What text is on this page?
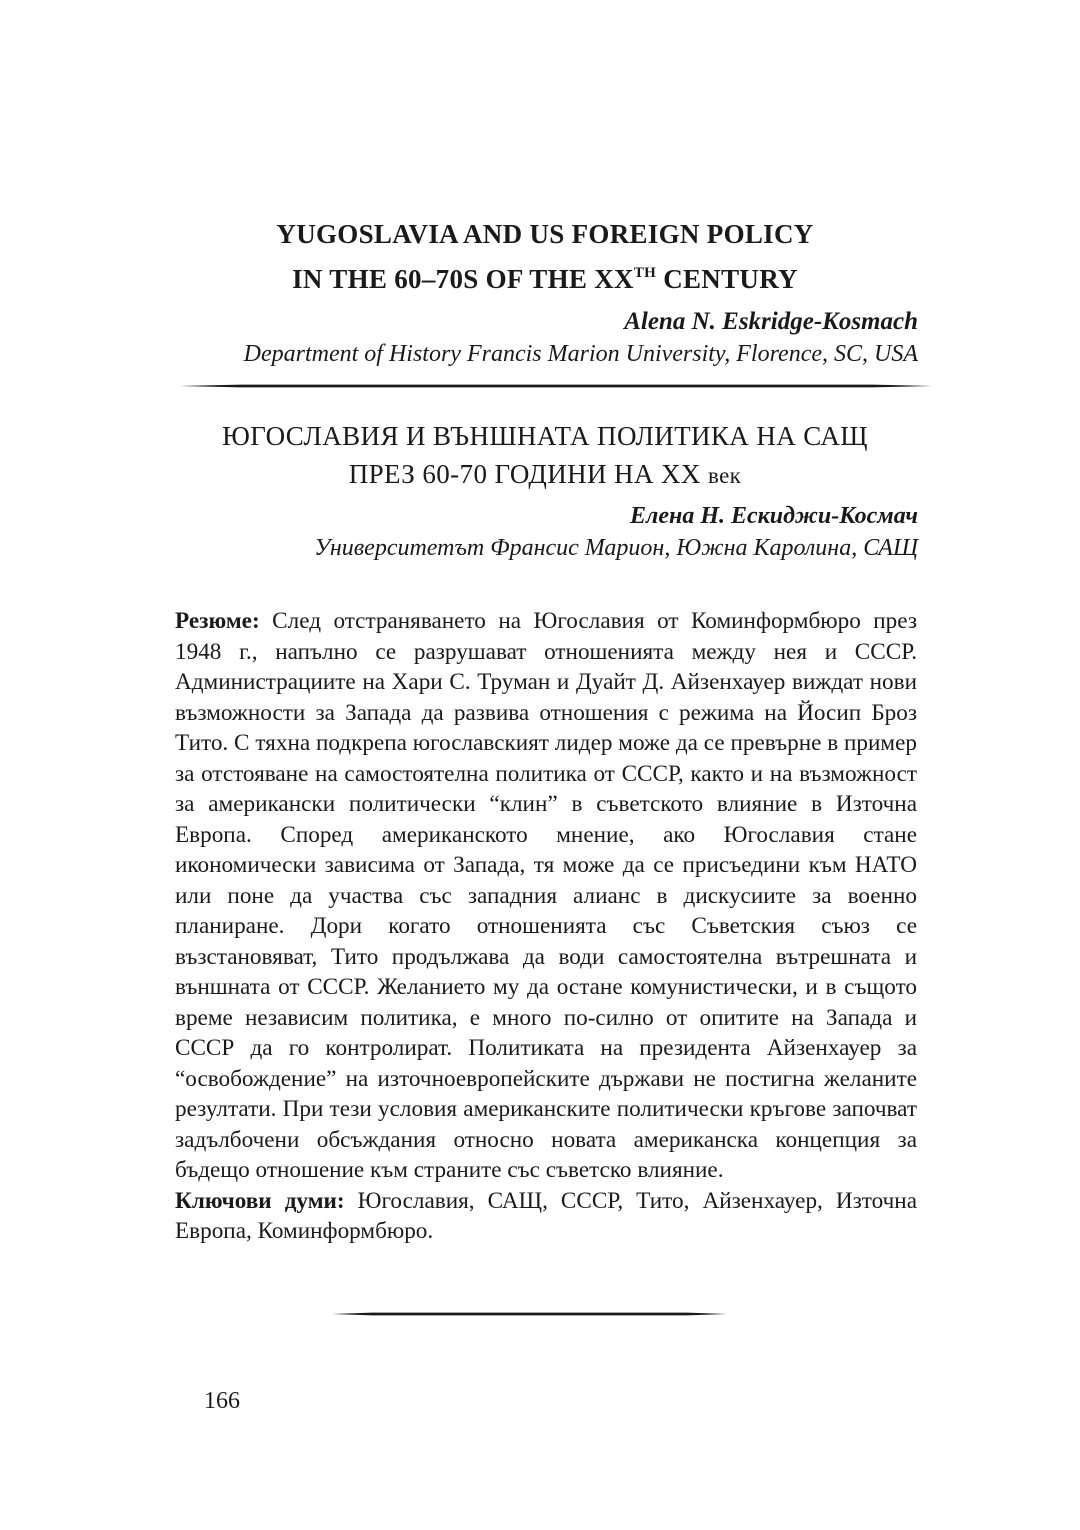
YUGOSLAVIA AND US FOREIGN POLICY
IN THE 60–70S OF THE XXTH CENTURY
Alena N. Eskridge-Kosmach
Department of History Francis Marion University, Florence, SC, USA
ЮГОСЛАВИЯ И ВЪНШНАТА ПОЛИТИКА НА САЩ
ПРЕЗ 60-70 ГОДИНИ НА XX век
Елена Н. Ескиджи-Космач
Университетът Франсис Марион, Южна Каролина, САЩ

Резюме: След отстраняването на Югославия от Коминформбюро през 1948 г., напълно се разрушават отношенията между нея и СССР. Администрациите на Хари С. Труман и Дуайт Д. Айзенхауер виждат нови възможности за Запада да развива отношения с режима на Йосип Броз Тито. С тяхна подкрепа югославският лидер може да се превърне в пример за отстояване на самостоятелна политика от СССР, както и на възможност за американски политически “клин” в съветското влияние в Източна Европа. Според американското мнение, ако Югославия стане икономически зависима от Запада, тя може да се присъедини към НАТО или поне да участва със западния алианс в дискусиите за военно планиране. Дори когато отношенията със Съветския съюз се възстановяват, Тито продължава да води самостоятелна вътрешната и външната от СССР. Желанието му да остане комунистически, и в същото време независим политика, е много по-силно от опитите на Запада и СССР да го контролират. Политиката на президента Айзенхауер за “освобождение” на източноевропейските държави не постигна желаните резултати. При тези условия американските политически кръгове започват задълбочени обсъждания относно новата американска концепция за бъдещо отношение към страните със съветско влияние.

Ключови думи: Югославия, САЩ, СССР, Тито, Айзенхауер, Източна Европа, Коминформбюро.

166
